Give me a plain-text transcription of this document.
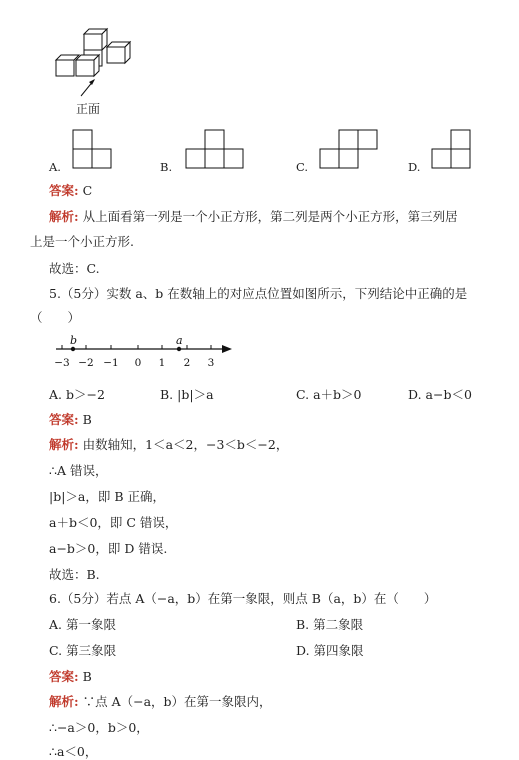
正面
A.	B.	C.	D.
答案: C
解析: 从上面看第一列是一个小正方形，第二列是两个小正方形，第三列居
上是一个小正方形.
故选：C.
5.（5分）实数 a、b 在数轴上的对应点位置如图所示，下列结论中正确的是
（　　）
b	a
−3 −2 −1 0 1 2 3
A. b＞−2	B. |b|＞a	C. a＋b＞0	D. a−b＜0
答案: B
解析: 由数轴知，1＜a＜2，−3＜b＜−2，
∴A 错误，
|b|＞a，即 B 正确，
a＋b＜0，即 C 错误，
a−b＞0，即 D 错误.
故选：B.
6.（5分）若点 A（−a，b）在第一象限，则点 B（a，b）在（　　）
A. 第一象限	B. 第二象限
C. 第三象限	D. 第四象限
答案: B
解析: ∵点 A（−a，b）在第一象限内，
∴−a＞0，b＞0，
∴a＜0，
